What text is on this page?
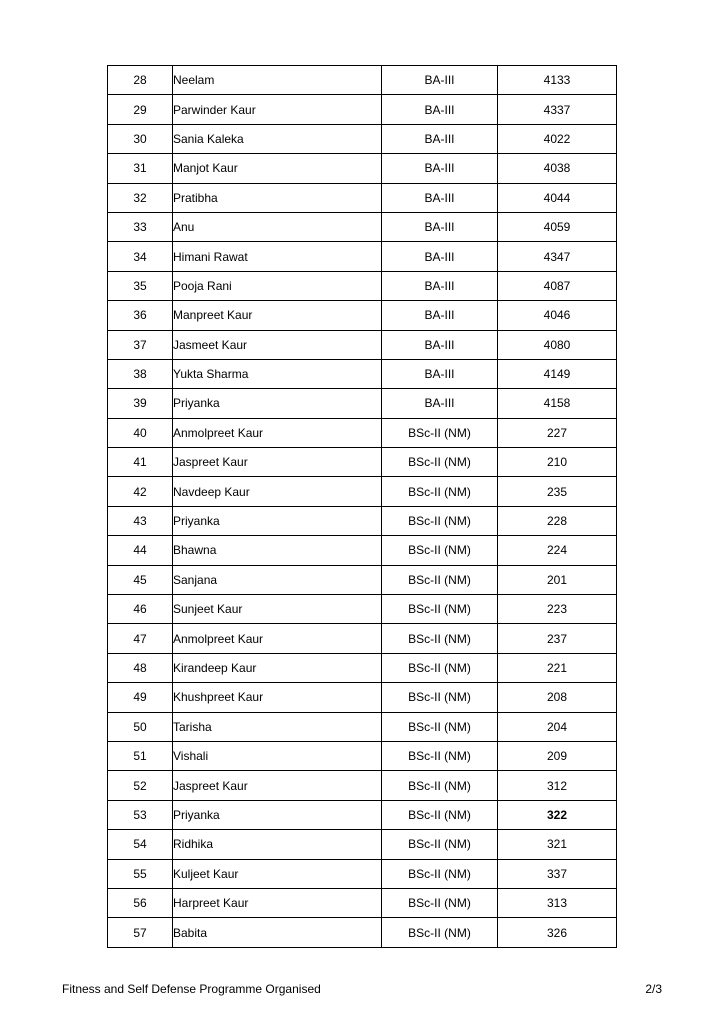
28	Neelam	BA-III	4133
29	Parwinder Kaur	BA-III	4337
30	Sania Kaleka	BA-III	4022
31	Manjot Kaur	BA-III	4038
32	Pratibha	BA-III	4044
33	Anu	BA-III	4059
34	Himani Rawat	BA-III	4347
35	Pooja Rani	BA-III	4087
36	Manpreet Kaur	BA-III	4046
37	Jasmeet Kaur	BA-III	4080
38	Yukta Sharma	BA-III	4149
39	Priyanka	BA-III	4158
40	Anmolpreet Kaur	BSc-II (NM)	227
41	Jaspreet Kaur	BSc-II (NM)	210
42	Navdeep Kaur	BSc-II (NM)	235
43	Priyanka	BSc-II (NM)	228
44	Bhawna	BSc-II (NM)	224
45	Sanjana	BSc-II (NM)	201
46	Sunjeet Kaur	BSc-II (NM)	223
47	Anmolpreet Kaur	BSc-II (NM)	237
48	Kirandeep Kaur	BSc-II (NM)	221
49	Khushpreet Kaur	BSc-II (NM)	208
50	Tarisha	BSc-II (NM)	204
51	Vishali	BSc-II (NM)	209
52	Jaspreet Kaur	BSc-II (NM)	312
53	Priyanka	BSc-II (NM)	322
54	Ridhika	BSc-II (NM)	321
55	Kuljeet Kaur	BSc-II (NM)	337
56	Harpreet Kaur	BSc-II (NM)	313
57	Babita	BSc-II (NM)	326
Fitness and Self Defense Programme Organised	2/3
